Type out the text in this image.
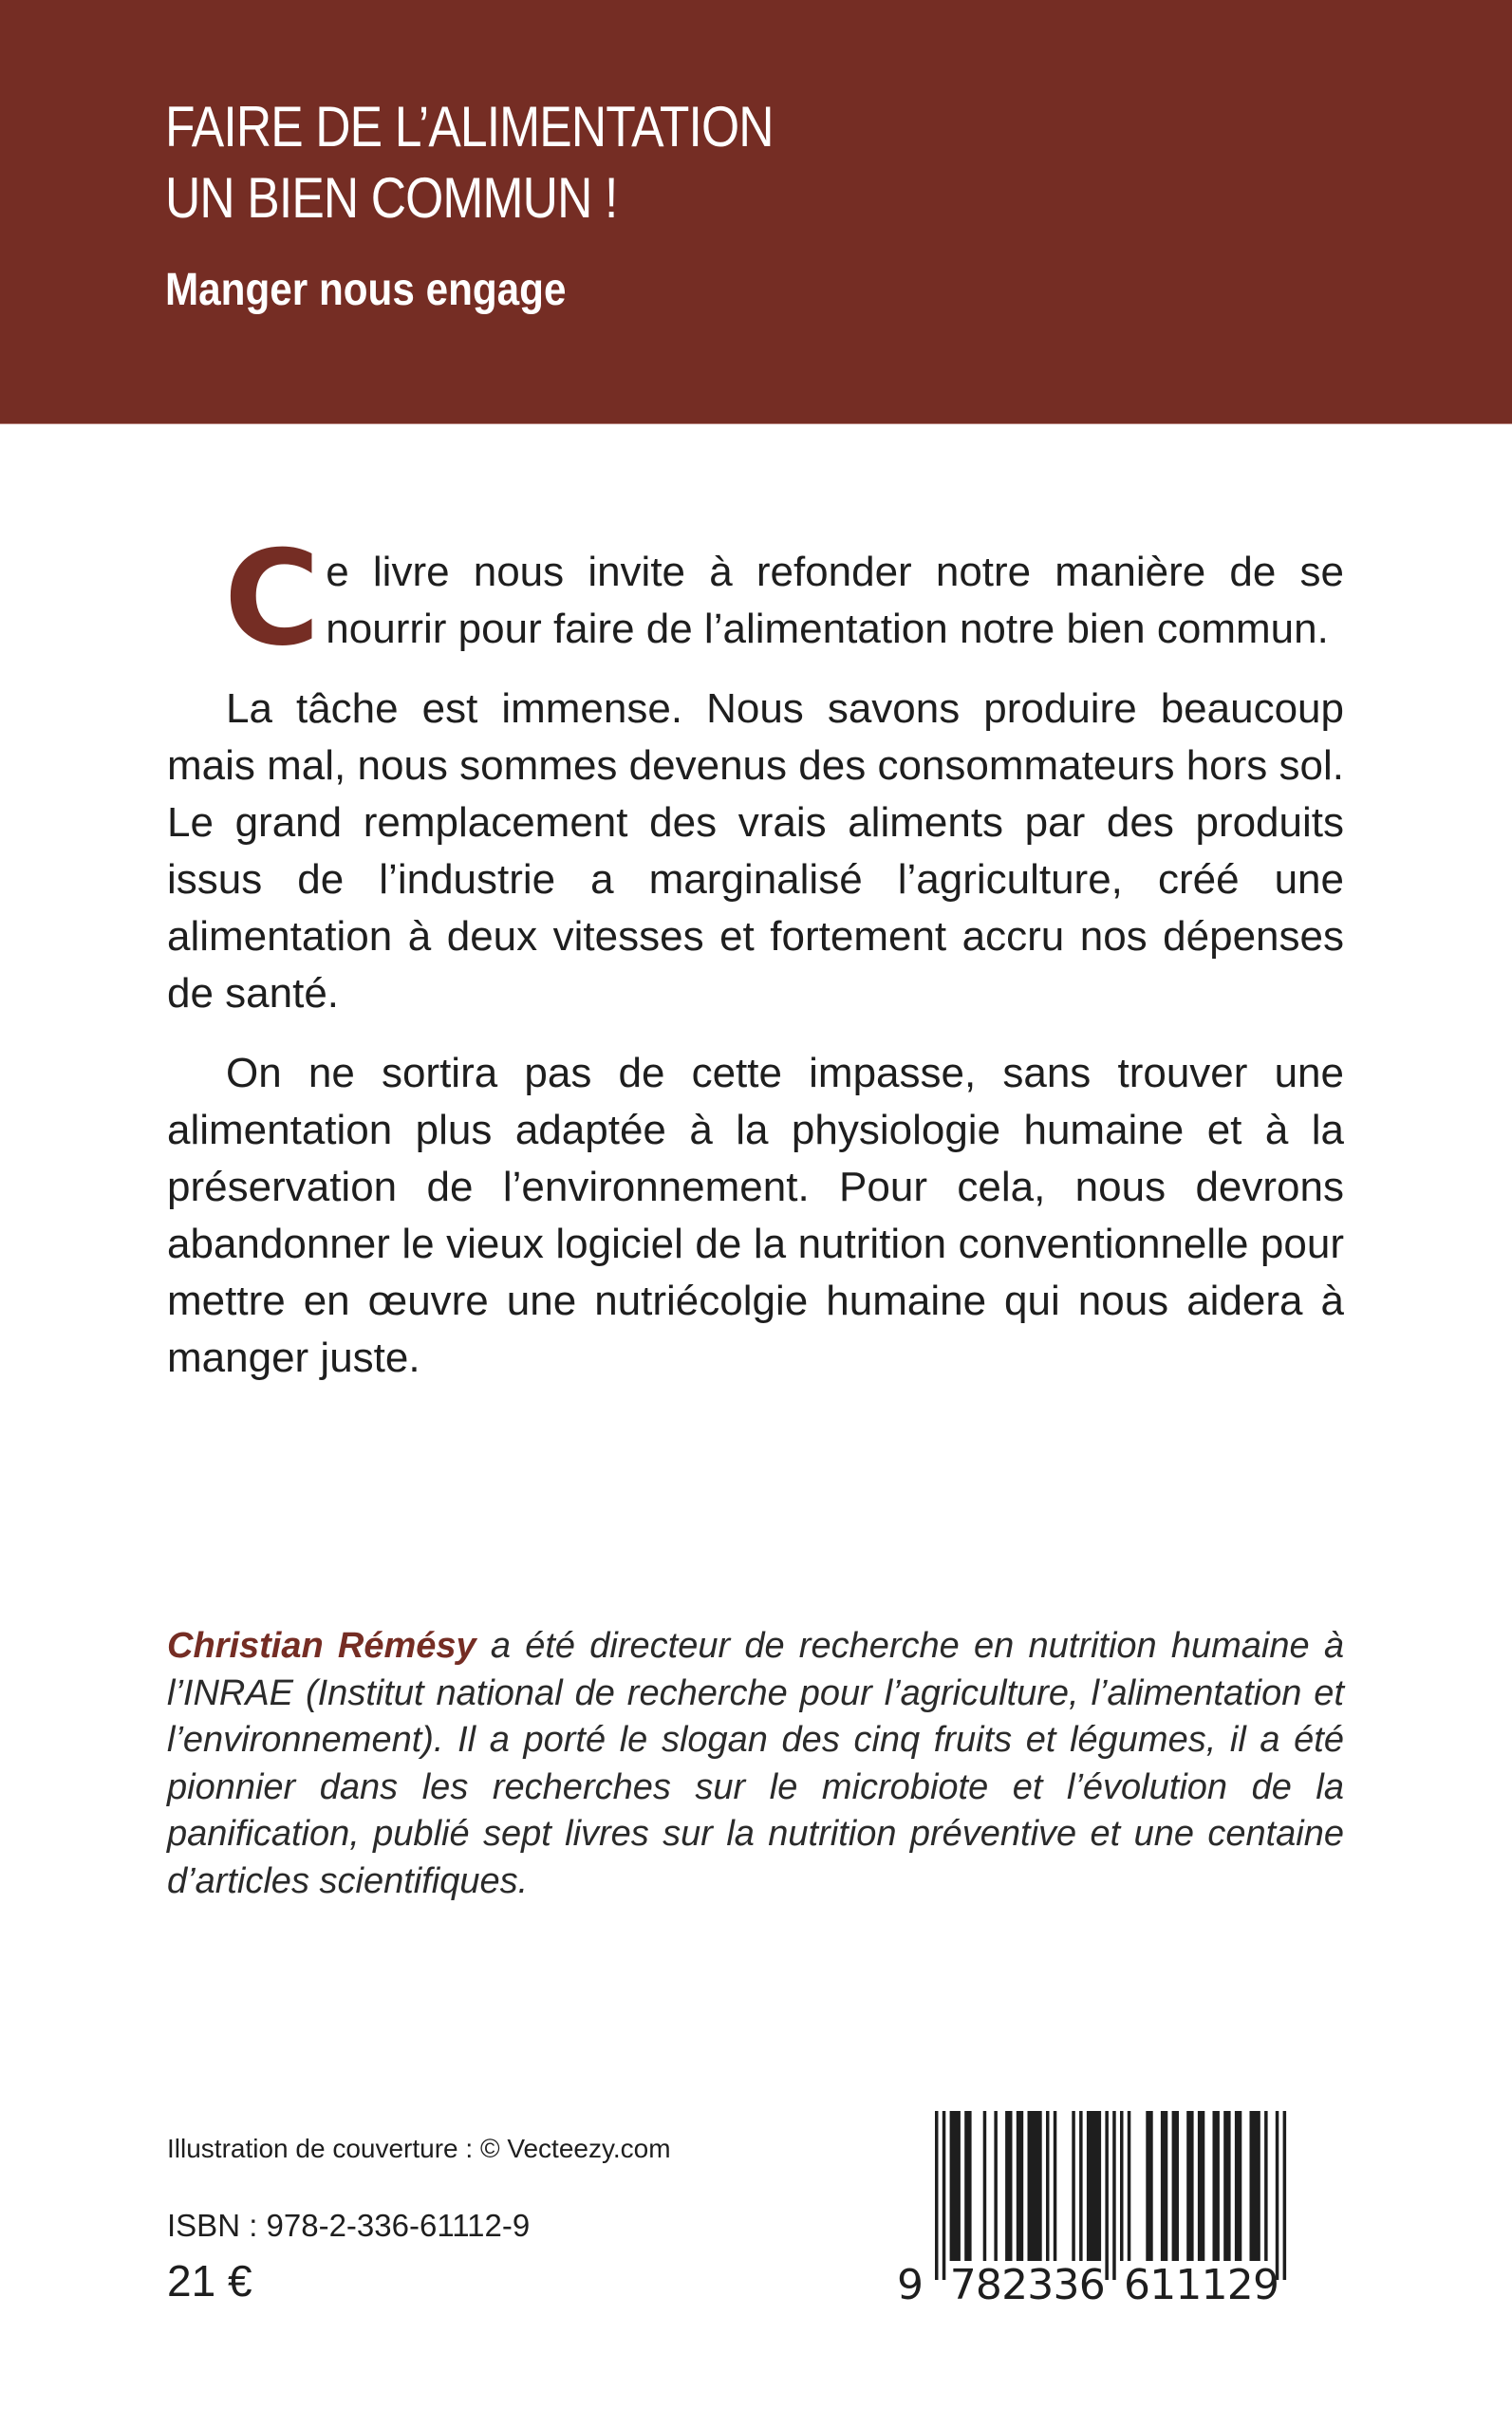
FAIRE DE L’ALIMENTATION
UN BIEN COMMUN !
Manger nous engage

Ce livre nous invite à refonder notre manière de se nourrir pour faire de l’alimentation notre bien commun.

La tâche est immense. Nous savons produire beaucoup mais mal, nous sommes devenus des consommateurs hors sol. Le grand remplacement des vrais aliments par des produits issus de l’industrie a marginalisé l’agriculture, créé une alimentation à deux vitesses et fortement accru nos dépenses de santé.

On ne sortira pas de cette impasse, sans trouver une alimentation plus adaptée à la physiologie humaine et à la préservation de l’environnement. Pour cela, nous devrons abandonner le vieux logiciel de la nutrition conventionnelle pour mettre en œuvre une nutriécolgie humaine qui nous aidera à manger juste.

Christian Rémésy a été directeur de recherche en nutrition humaine à l’INRAE (Institut national de recherche pour l’agriculture, l’alimentation et l’environnement). Il a porté le slogan des cinq fruits et légumes, il a été pionnier dans les recherches sur le microbiote et l’évolution de la panification, publié sept livres sur la nutrition préventive et une centaine d’articles scientifiques.

Illustration de couverture : © Vecteezy.com

ISBN : 978-2-336-61112-9

21 €	9 782336 611129
